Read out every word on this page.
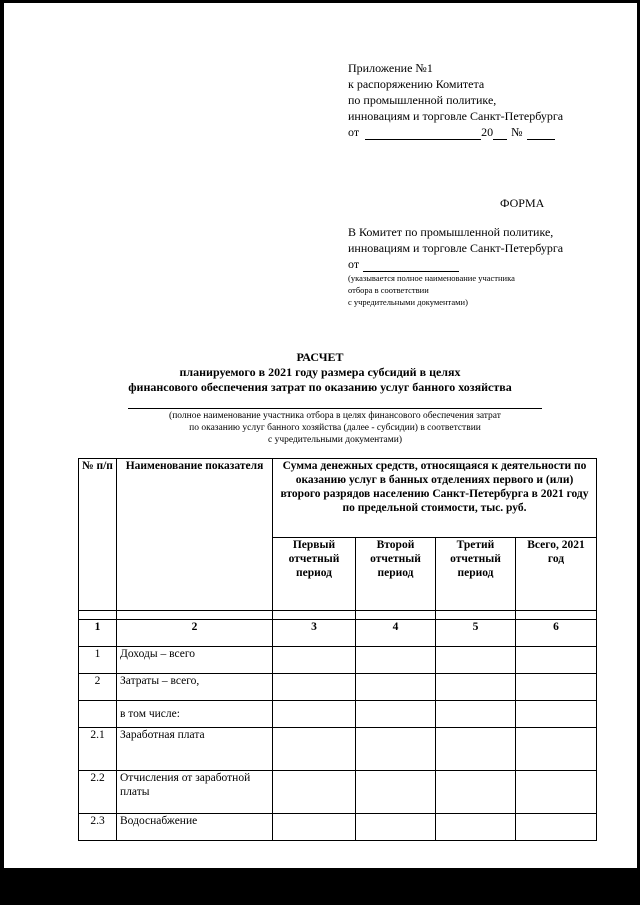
Приложение №1
к распоряжению Комитета
по промышленной политике,
инновациям и торговле Санкт-Петербурга
от	20 №
ФОРМА
В Комитет по промышленной политике,
инновациям и торговле Санкт-Петербурга
от
(указывается полное наименование участника
отбора в соответствии
с учредительными документами)
РАСЧЕТ
планируемого в 2021 году размера субсидий в целях
финансового обеспечения затрат по оказанию услуг банного хозяйства
(полное наименование участника отбора в целях финансового обеспечения затрат
по оказанию услуг банного хозяйства (далее - субсидии) в соответствии
с учредительными документами)
№ п/п	Наименование показателя	Сумма денежных средств, относящаяся к деятельности по оказанию услуг в банных отделениях первого и (или) второго разрядов населению Санкт-Петербурга в 2021 году по предельной стоимости, тыс. руб.			
		Первый отчетный период	Второй отчетный период	Третий отчетный период	Всего, 2021 год

1	2	3	4	5	6
1	Доходы – всего				
2	Затраты – всего,				
	в том числе:				
2.1	Заработная плата				
2.2	Отчисления от заработной платы				
2.3	Водоснабжение				
